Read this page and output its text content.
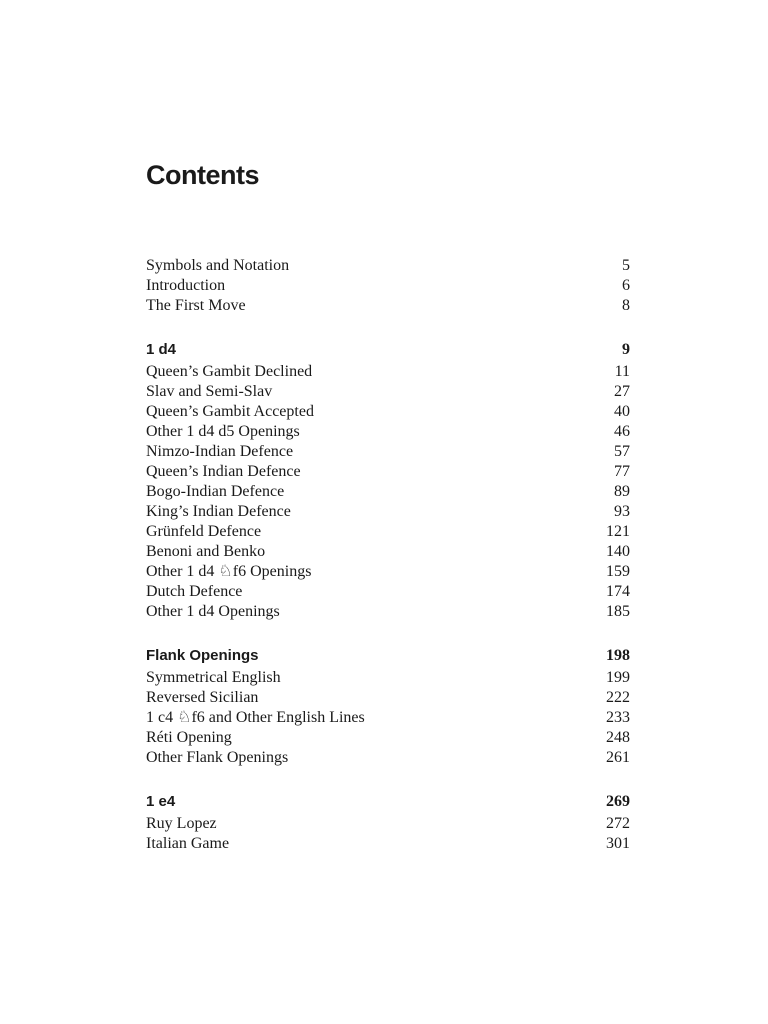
Contents
Symbols and Notation	5
Introduction	6
The First Move	8
1 d4	9
Queen’s Gambit Declined	11
Slav and Semi-Slav	27
Queen’s Gambit Accepted	40
Other 1 d4 d5 Openings	46
Nimzo-Indian Defence	57
Queen’s Indian Defence	77
Bogo-Indian Defence	89
King’s Indian Defence	93
Grünfeld Defence	121
Benoni and Benko	140
Other 1 d4 ♘f6 Openings	159
Dutch Defence	174
Other 1 d4 Openings	185
Flank Openings	198
Symmetrical English	199
Reversed Sicilian	222
1 c4 ♘f6 and Other English Lines	233
Réti Opening	248
Other Flank Openings	261
1 e4	269
Ruy Lopez	272
Italian Game	301
